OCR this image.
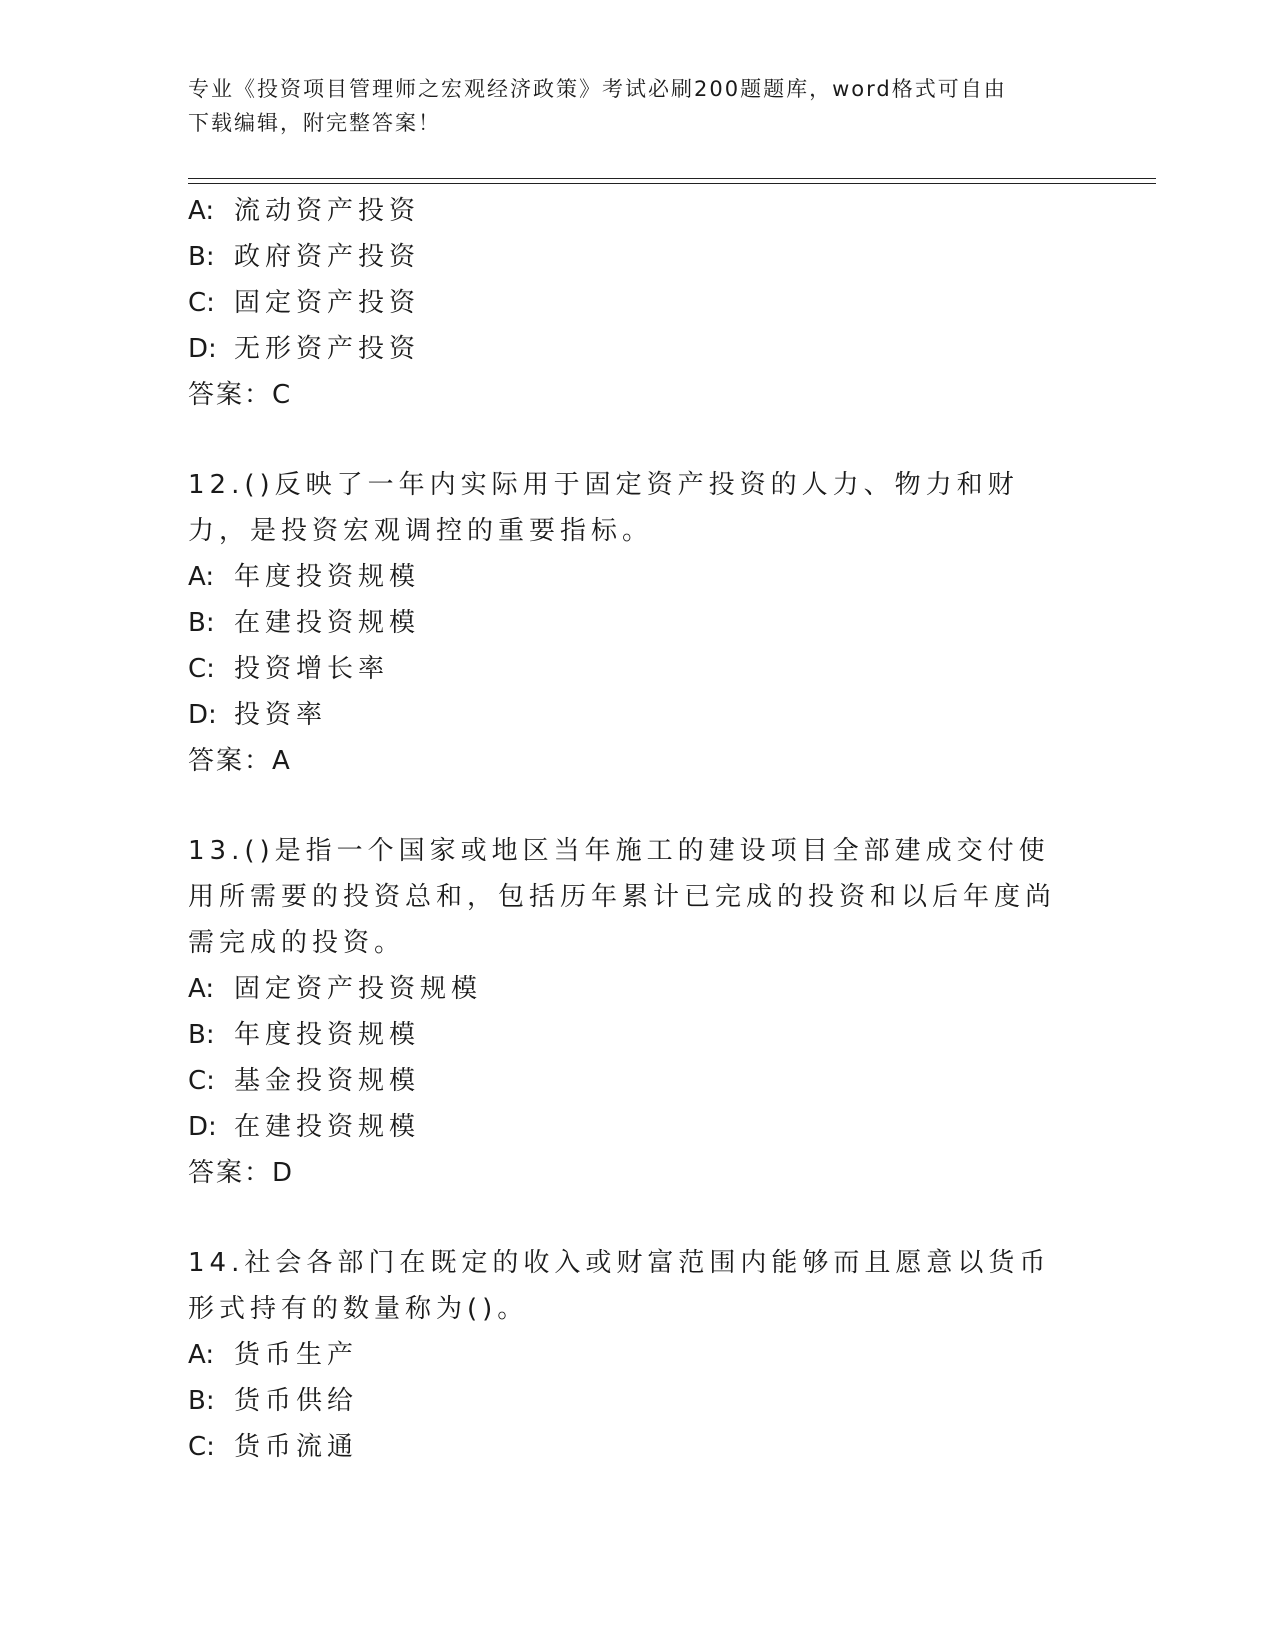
专业《投资项目管理师之宏观经济政策》考试必刷200题题库，word格式可自由
下载编辑，附完整答案！
A: 流动资产投资
B: 政府资产投资
C: 固定资产投资
D: 无形资产投资
答案：C
12.()反映了一年内实际用于固定资产投资的人力、物力和财力，是投资宏观调控的重要指标。
A: 年度投资规模
B: 在建投资规模
C: 投资增长率
D: 投资率
答案：A
13.()是指一个国家或地区当年施工的建设项目全部建成交付使用所需要的投资总和，包括历年累计已完成的投资和以后年度尚需完成的投资。
A: 固定资产投资规模
B: 年度投资规模
C: 基金投资规模
D: 在建投资规模
答案：D
14.社会各部门在既定的收入或财富范围内能够而且愿意以货币形式持有的数量称为()。
A: 货币生产
B: 货币供给
C: 货币流通
